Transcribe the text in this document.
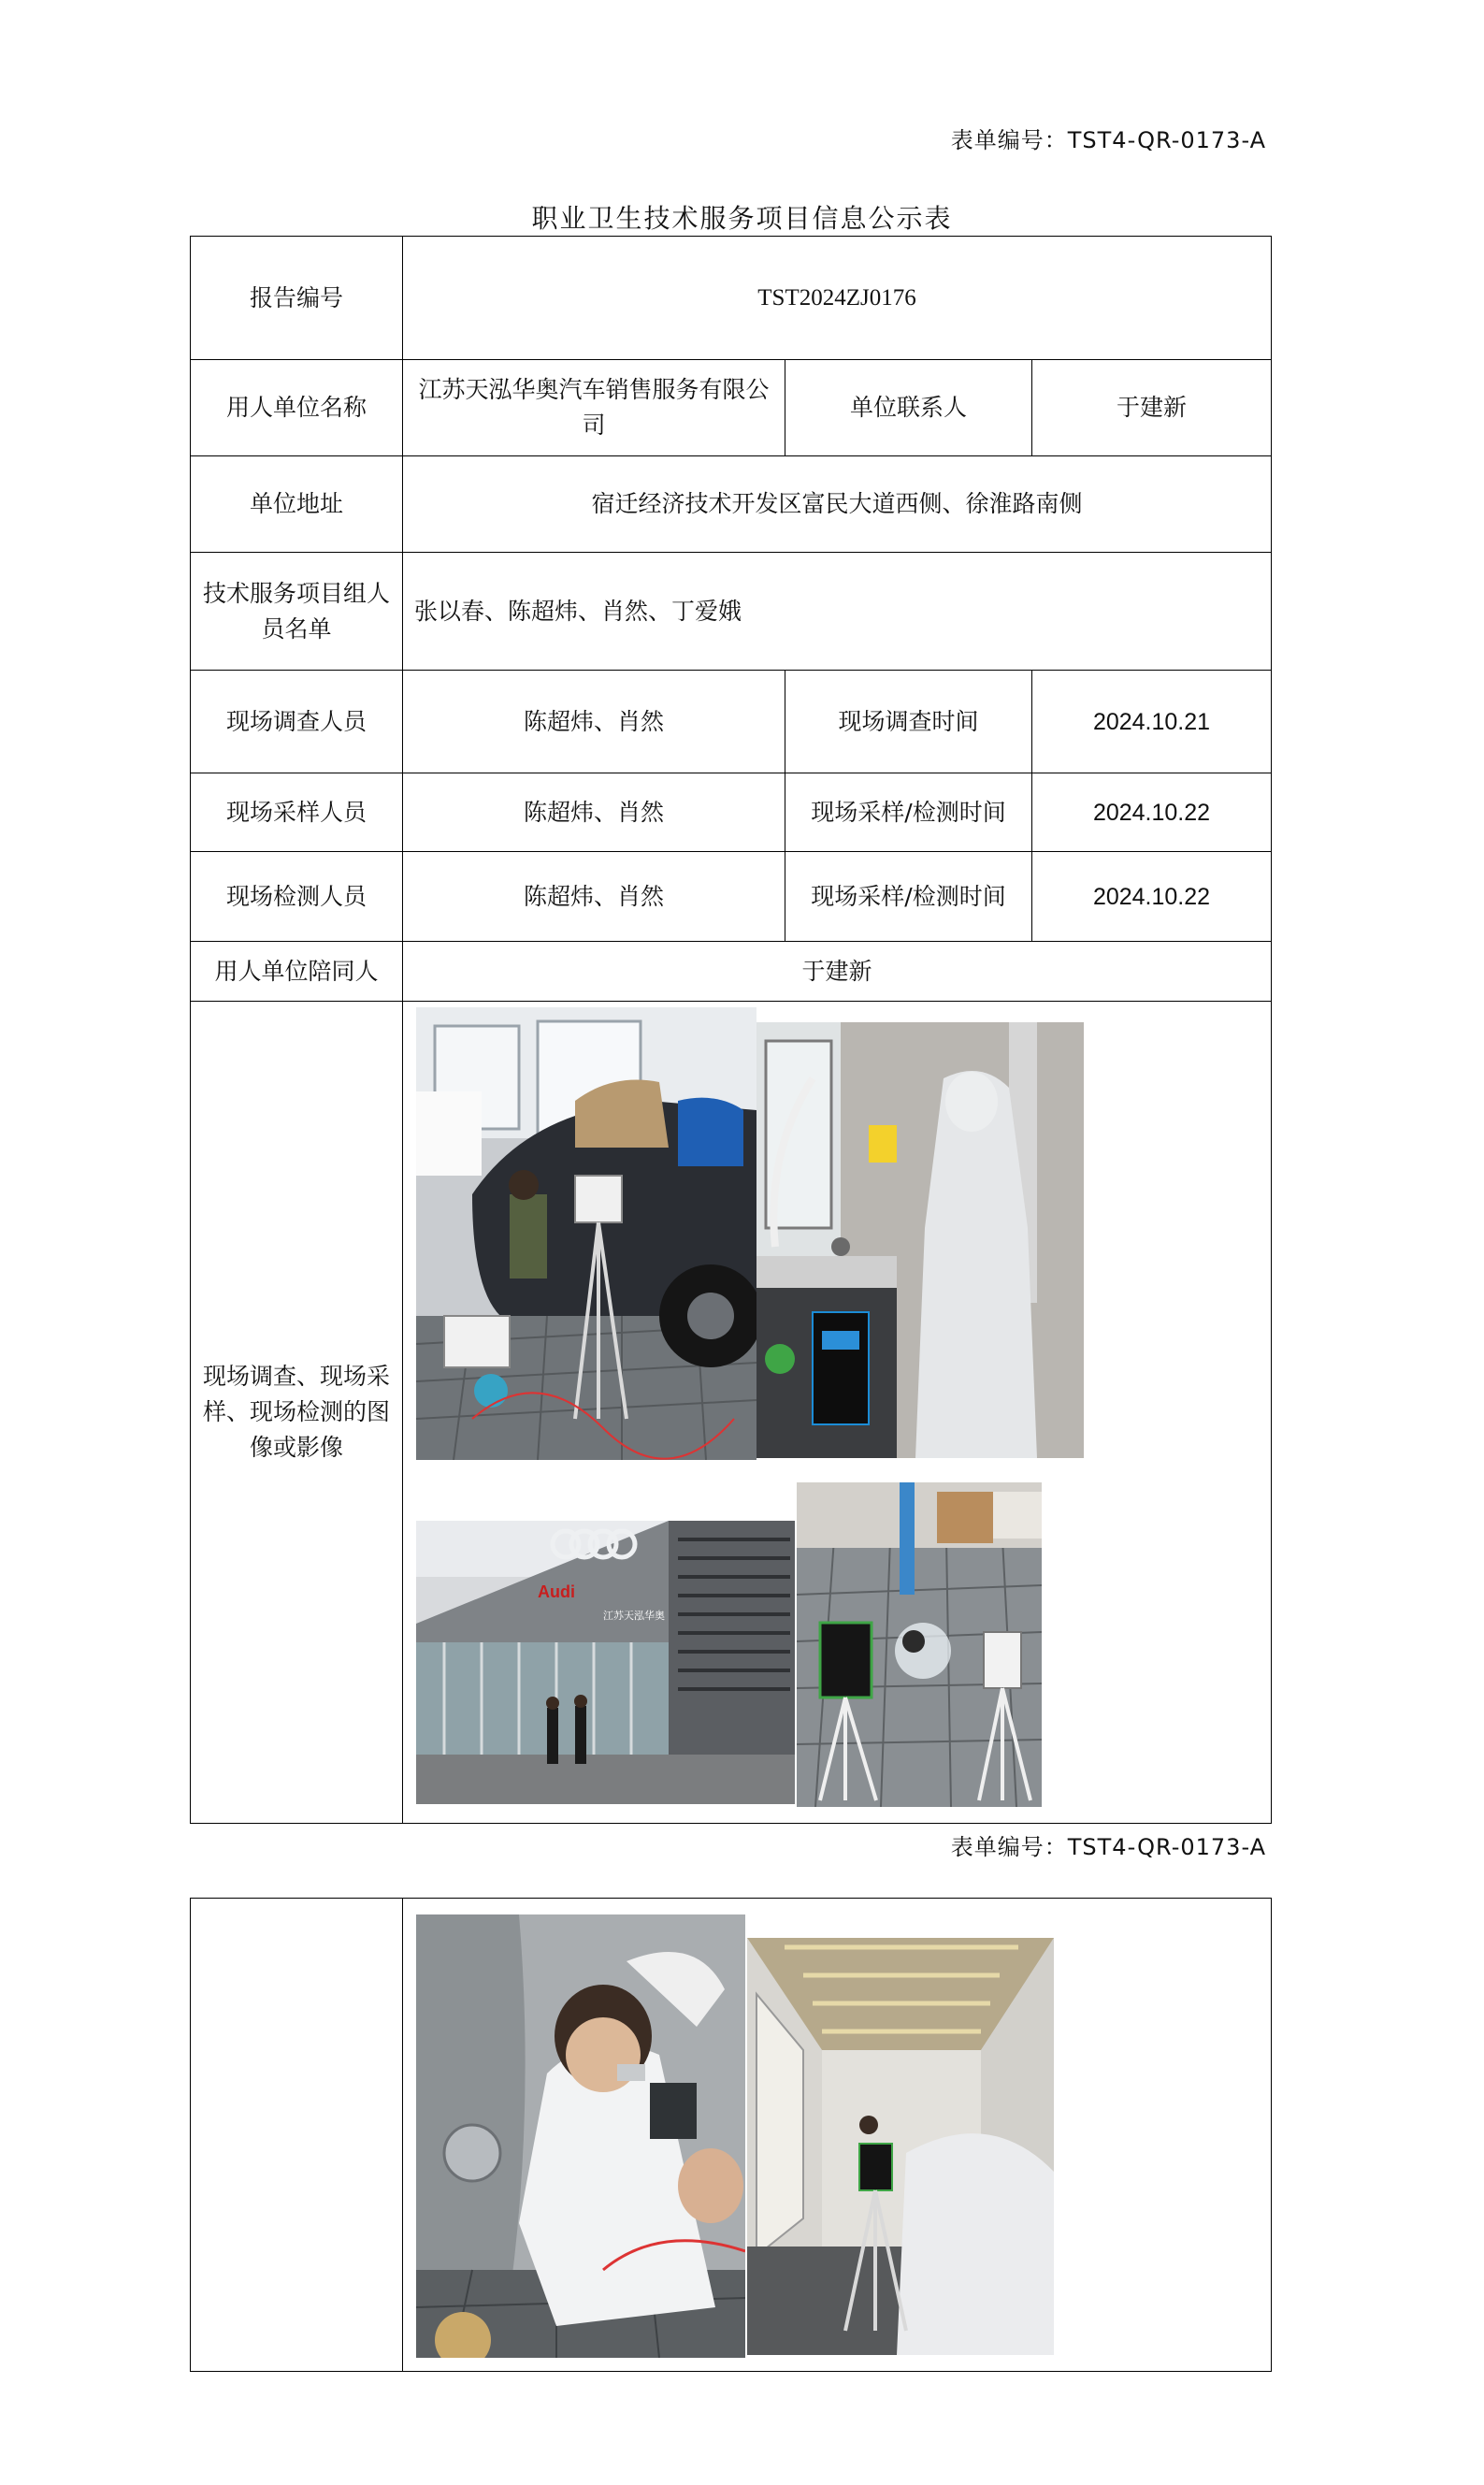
表单编号：TST4-QR-0173-A
职业卫生技术服务项目信息公示表
报告编号	TST2024ZJ0176		
用人单位名称	江苏天泓华奥汽车销售服务有限公司	单位联系人	于建新
单位地址	宿迁经济技术开发区富民大道西侧、徐淮路南侧		
技术服务项目组人员名单	张以春、陈超炜、肖然、丁爱娥		
现场调查人员	陈超炜、肖然	现场调查时间	2024.10.21
现场采样人员	陈超炜、肖然	现场采样/检测时间	2024.10.22
现场检测人员	陈超炜、肖然	现场采样/检测时间	2024.10.22
用人单位陪同人	于建新		
现场调查、现场采样、现场检测的图像或影像	Audi
江苏天泓华奥		
表单编号：TST4-QR-0173-A
